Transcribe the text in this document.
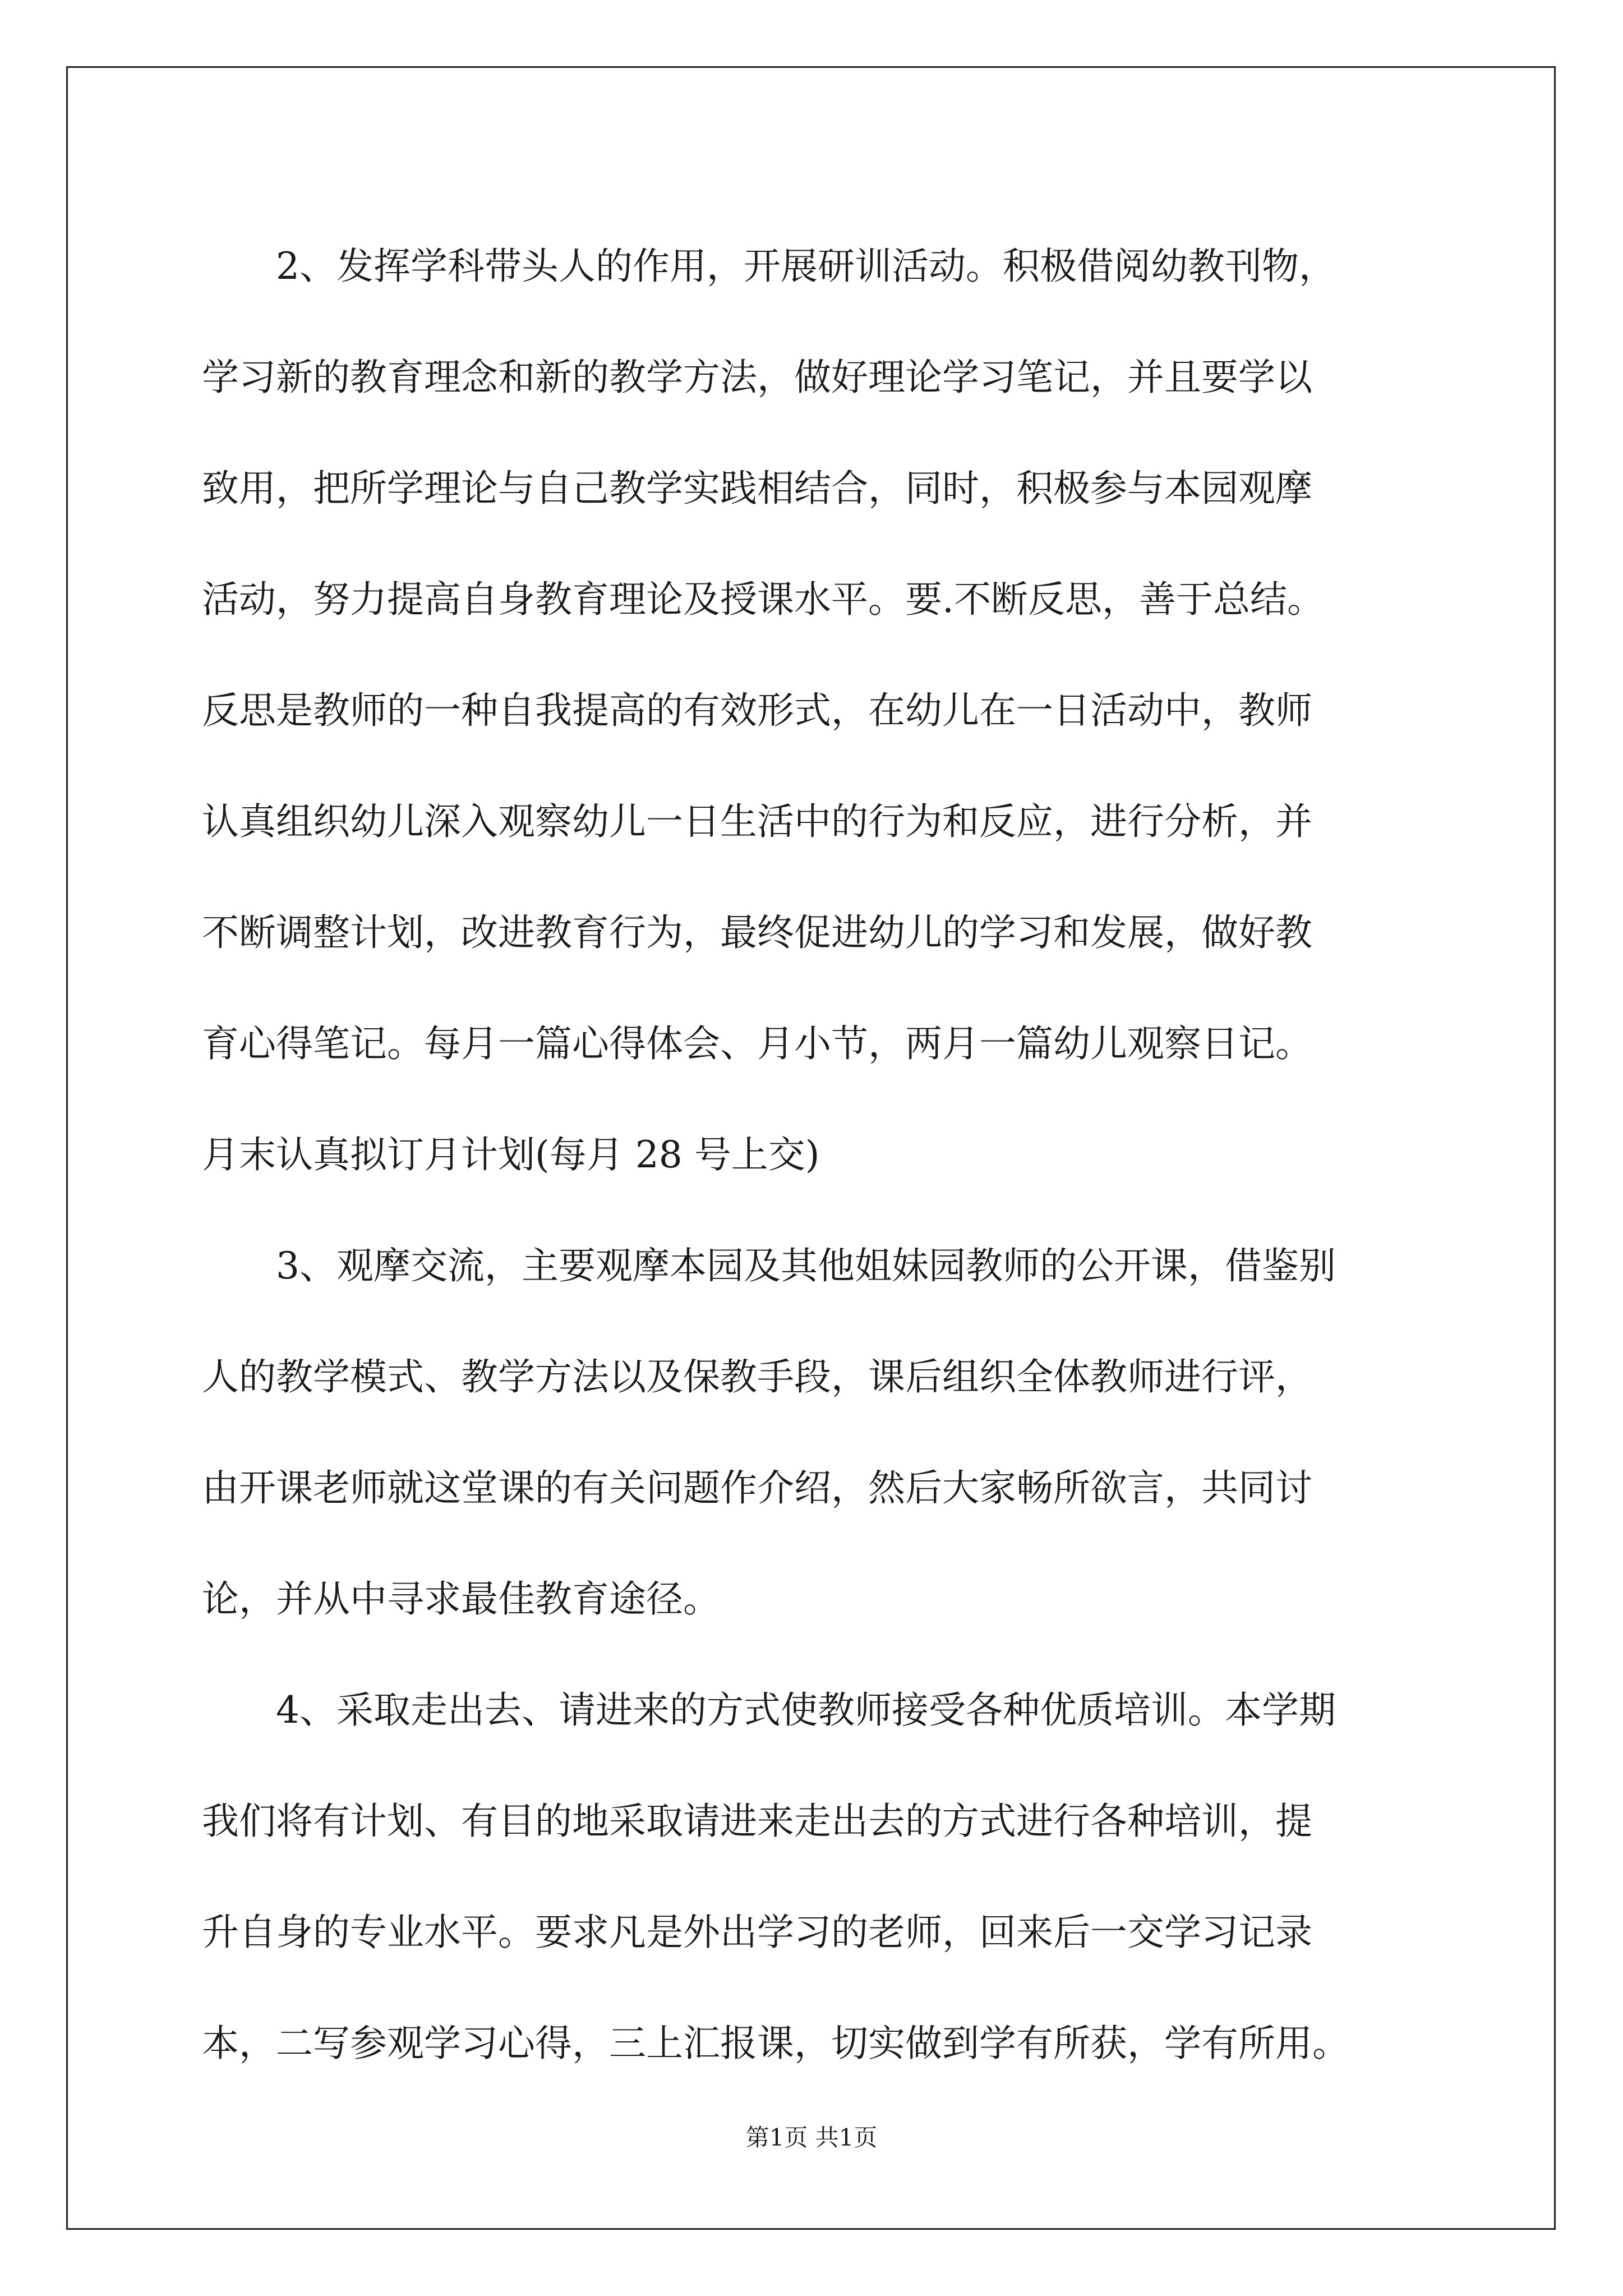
2、发挥学科带头人的作用，开展研训活动。积极借阅幼教刊物，
学习新的教育理念和新的教学方法，做好理论学习笔记，并且要学以
致用，把所学理论与自己教学实践相结合，同时，积极参与本园观摩
活动，努力提高自身教育理论及授课水平。要.不断反思，善于总结。
反思是教师的一种自我提高的有效形式，在幼儿在一日活动中，教师
认真组织幼儿深入观察幼儿一日生活中的行为和反应，进行分析，并
不断调整计划，改进教育行为，最终促进幼儿的学习和发展，做好教
育心得笔记。每月一篇心得体会、月小节，两月一篇幼儿观察日记。
月末认真拟订月计划(每月 28 号上交)
3、观摩交流，主要观摩本园及其他姐妹园教师的公开课，借鉴别
人的教学模式、教学方法以及保教手段，课后组织全体教师进行评，
由开课老师就这堂课的有关问题作介绍，然后大家畅所欲言，共同讨
论，并从中寻求最佳教育途径。
4、采取走出去、请进来的方式使教师接受各种优质培训。本学期
我们将有计划、有目的地采取请进来走出去的方式进行各种培训，提
升自身的专业水平。要求凡是外出学习的老师，回来后一交学习记录
本，二写参观学习心得，三上汇报课，切实做到学有所获，学有所用。
第1页 共1页
